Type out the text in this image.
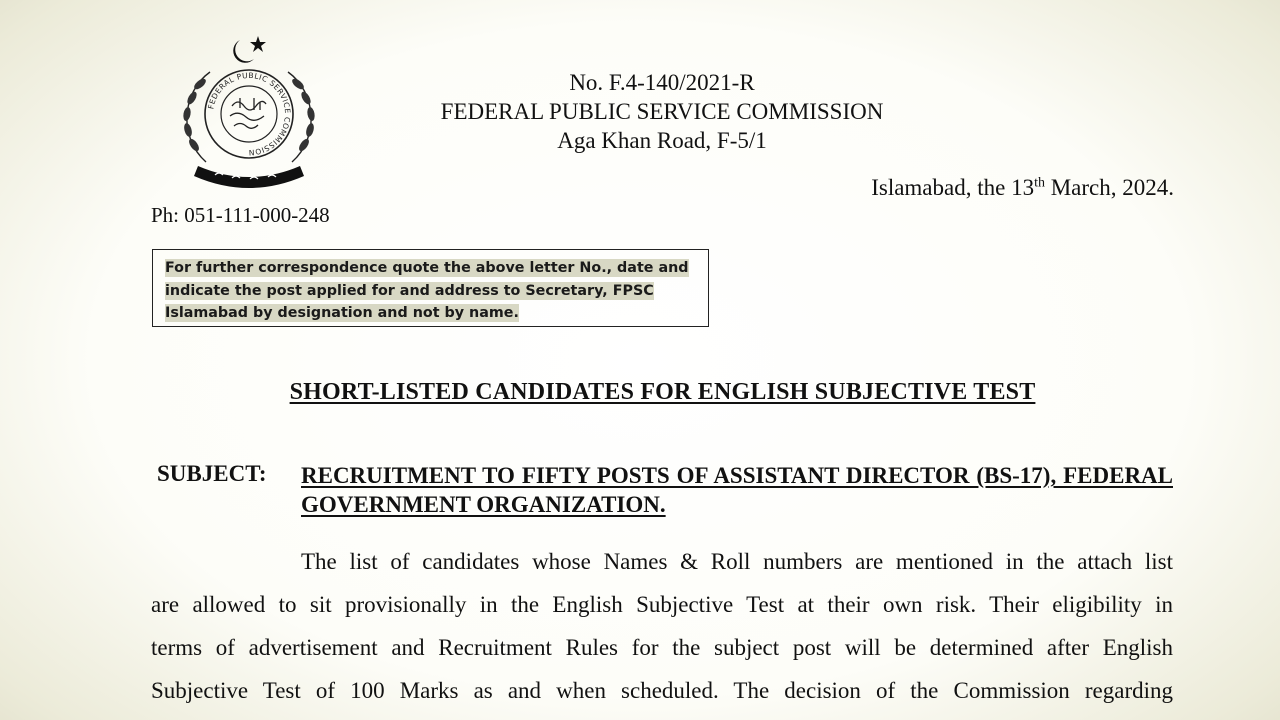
FEDERAL PUBLIC SERVICE COMMISSION
No. F.4-140/2021-R
FEDERAL PUBLIC SERVICE COMMISSION
Aga Khan Road, F-5/1
Islamabad, the 13th March, 2024.
Ph: 051-111-000-248
For further correspondence quote the above letter No., date and
indicate the post applied for and address to Secretary, FPSC
Islamabad by designation and not by name.
SHORT-LISTED CANDIDATES FOR ENGLISH SUBJECTIVE TEST
SUBJECT: RECRUITMENT TO FIFTY POSTS OF ASSISTANT DIRECTOR (BS-17), FEDERAL GOVERNMENT ORGANIZATION.
The list of candidates whose Names & Roll numbers are mentioned in the attach list
are allowed to sit provisionally in the English Subjective Test at their own risk. Their eligibility in
terms of advertisement and Recruitment Rules for the subject post will be determined after English
Subjective Test of 100 Marks as and when scheduled. The decision of the Commission regarding
